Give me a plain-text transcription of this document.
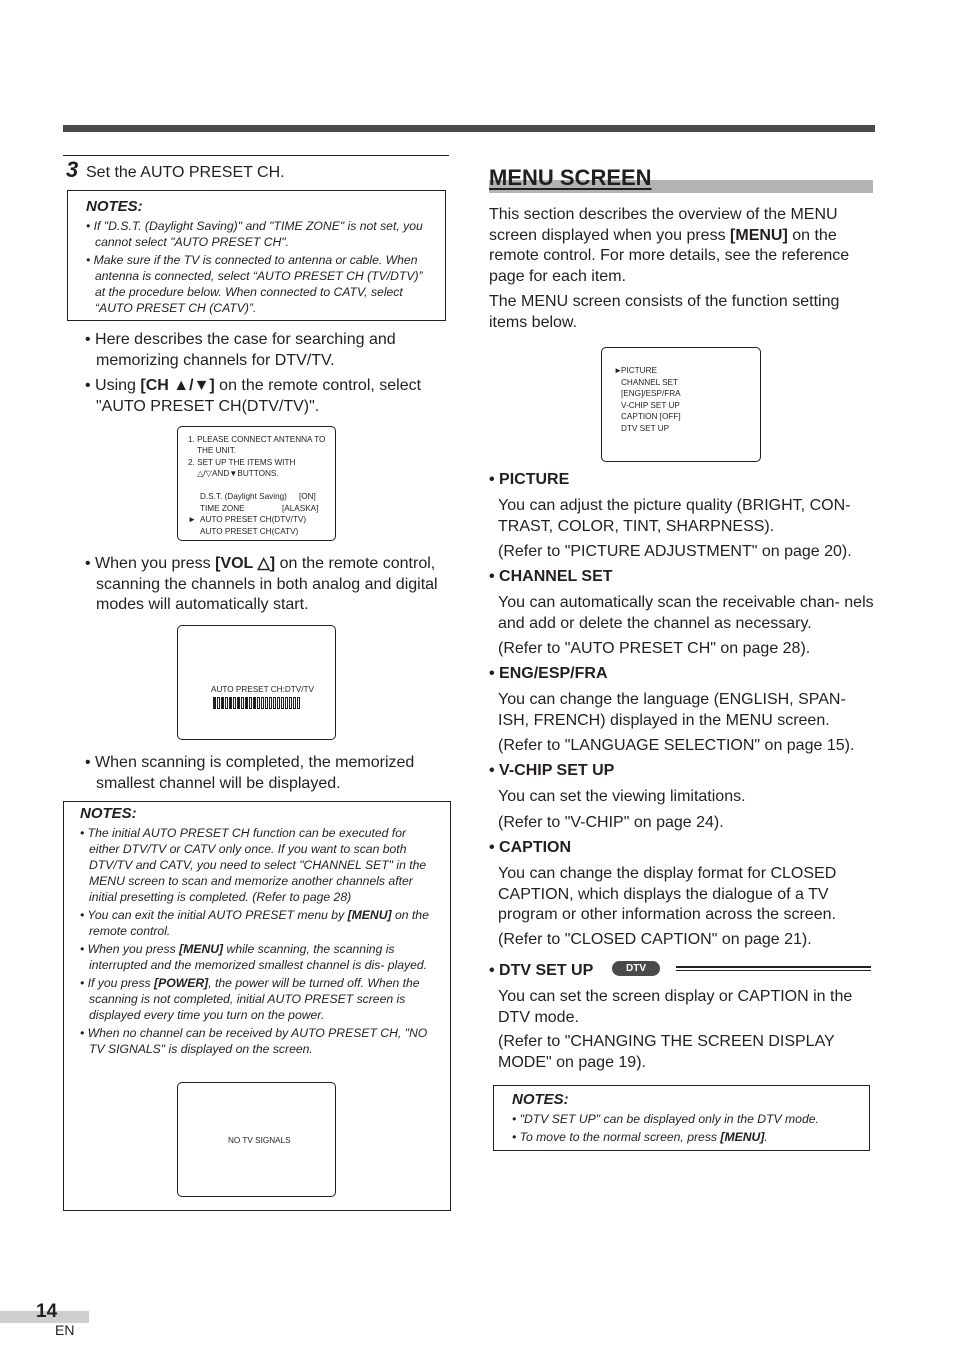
3 Set the AUTO PRESET CH.
NOTES:
• If "D.S.T. (Daylight Saving)" and "TIME ZONE" is not set, you cannot select "AUTO PRESET CH".
• Make sure if the TV is connected to antenna or cable. When antenna is connected, select “AUTO PRESET CH (TV/DTV)” at the procedure below. When connected to CATV, select “AUTO PRESET CH (CATV)”.
• Here describes the case for searching and memorizing channels for DTV/TV.
• Using [CH ▲/▼] on the remote control, select "AUTO PRESET CH(DTV/TV)".
1. PLEASE CONNECT ANTENNA TO
THE UNIT.
2. SET UP THE ITEMS WITH
△/▽AND▼BUTTONS.
D.S.T. (Daylight Saving) [ON]
TIME ZONE	[ALASKA]
► AUTO PRESET CH(DTV/TV)
AUTO PRESET CH(CATV)
• When you press [VOL △] on the remote control, scanning the channels in both analog and digital modes will automatically start.
AUTO PRESET CH:DTV/TV
• When scanning is completed, the memorized smallest channel will be displayed.
NOTES:
• The initial AUTO PRESET CH function can be executed for either DTV/TV or CATV only once. If you want to scan both DTV/TV and CATV, you need to select "CHANNEL SET" in the MENU screen to scan and memorize another channels after initial presetting is completed. (Refer to page 28)
• You can exit the initial AUTO PRESET menu by [MENU] on the remote control.
• When you press [MENU] while scanning, the scanning is interrupted and the memorized smallest channel is dis- played.
• If you press [POWER], the power will be turned off. When the scanning is not completed, initial AUTO PRESET screen is displayed every time you turn on the power.
• When no channel can be received by AUTO PRESET CH, "NO TV SIGNALS" is displayed on the screen.
NO TV SIGNALS
MENU SCREEN
This section describes the overview of the MENU screen displayed when you press [MENU] on the remote control. For more details, see the reference page for each item.
The MENU screen consists of the function setting items below.
►
PICTURE
CHANNEL SET
[ENG]/ESP/FRA
V-CHIP SET UP
CAPTION [OFF]
DTV SET UP
• PICTURE
You can adjust the picture quality (BRIGHT, CON- TRAST, COLOR, TINT, SHARPNESS).
(Refer to "PICTURE ADJUSTMENT" on page 20).
• CHANNEL SET
You can automatically scan the receivable chan- nels and add or delete the channel as necessary.
(Refer to "AUTO PRESET CH" on page 28).
• ENG/ESP/FRA
You can change the language (ENGLISH, SPAN- ISH, FRENCH) displayed in the MENU screen.
(Refer to "LANGUAGE SELECTION" on page 15).
• V-CHIP SET UP
You can set the viewing limitations.
(Refer to "V-CHIP" on page 24).
• CAPTION
You can change the display format for CLOSED CAPTION, which displays the dialogue of a TV program or other information across the screen.
(Refer to "CLOSED CAPTION" on page 21).
• DTV SET UP	DTV
You can set the screen display or CAPTION in the DTV mode.
(Refer to "CHANGING THE SCREEN DISPLAY MODE" on page 19).
NOTES:
• "DTV SET UP" can be displayed only in the DTV mode.
• To move to the normal screen, press [MENU].
14
EN
